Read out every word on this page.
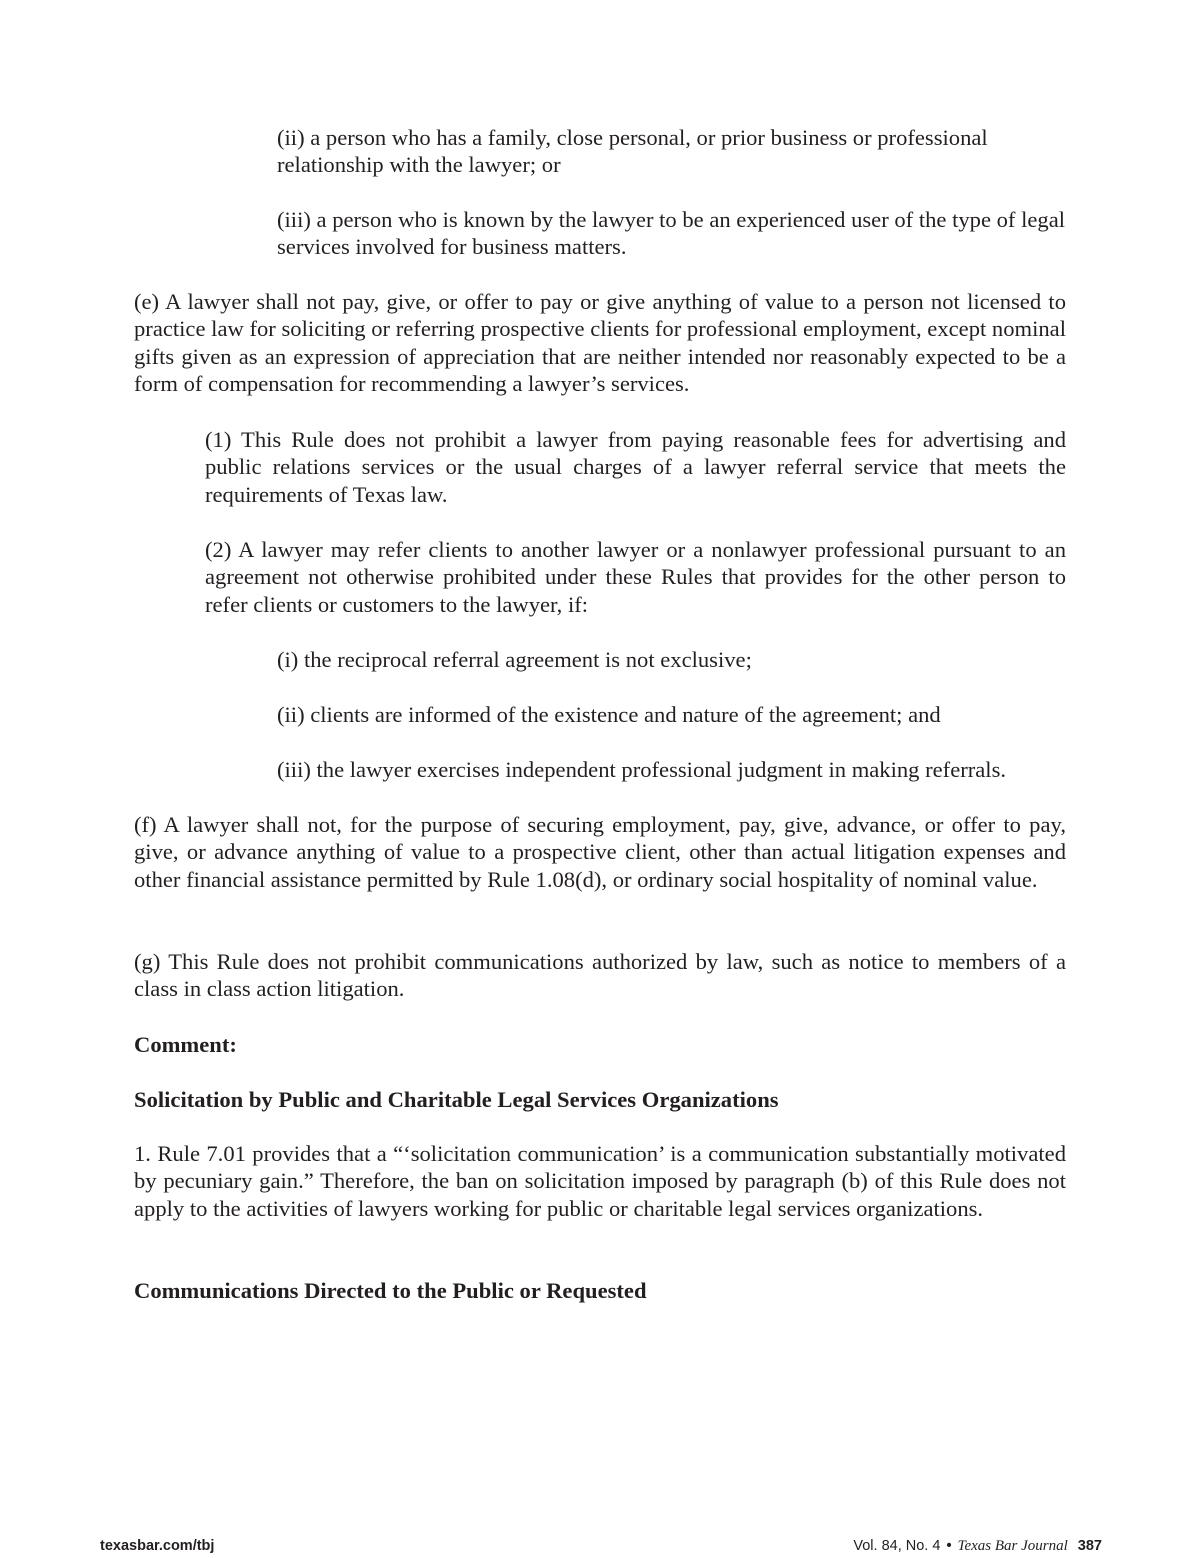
(ii) a person who has a family, close personal, or prior business or professional relationship with the lawyer; or

(iii) a person who is known by the lawyer to be an experienced user of the type of legal services involved for business matters.

(e) A lawyer shall not pay, give, or offer to pay or give anything of value to a person not licensed to practice law for soliciting or referring prospective clients for professional employment, except nominal gifts given as an expression of appreciation that are neither intended nor reasonably expected to be a form of compensation for recommending a lawyer’s services.

(1) This Rule does not prohibit a lawyer from paying reasonable fees for advertising and public relations services or the usual charges of a lawyer referral service that meets the requirements of Texas law.

(2) A lawyer may refer clients to another lawyer or a nonlawyer professional pursuant to an agreement not otherwise prohibited under these Rules that provides for the other person to refer clients or customers to the lawyer, if:

(i) the reciprocal referral agreement is not exclusive;

(ii) clients are informed of the existence and nature of the agreement; and

(iii) the lawyer exercises independent professional judgment in making referrals.

(f) A lawyer shall not, for the purpose of securing employment, pay, give, advance, or offer to pay, give, or advance anything of value to a prospective client, other than actual litigation expenses and other financial assistance permitted by Rule 1.08(d), or ordinary social hospitality of nominal value.

(g) This Rule does not prohibit communications authorized by law, such as notice to members of a class in class action litigation.

Comment:
Solicitation by Public and Charitable Legal Services Organizations

1. Rule 7.01 provides that a “‘solicitation communication’ is a communication substantially motivated by pecuniary gain.” Therefore, the ban on solicitation imposed by paragraph (b) of this Rule does not apply to the activities of lawyers working for public or charitable legal services organizations.

Communications Directed to the Public or Requested
texasbar.com/tbj	Vol. 84, No. 4 • Texas Bar Journal 387
